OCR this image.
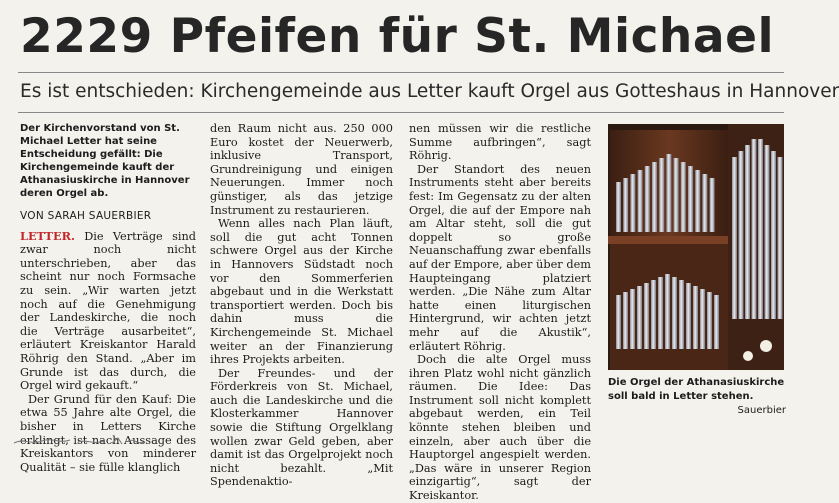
2229 Pfeifen für St. Michael
Es ist entschieden: Kirchengemeinde aus Letter kauft Orgel aus Gotteshaus in Hannover
Der Kirchenvorstand von St. Michael Letter hat seine Entscheidung gefällt: Die Kirchengemeinde kauft der Athanasiuskirche in Hannover deren Orgel ab.
VON SARAH SAUERBIER

LETTER. Die Verträge sind zwar noch nicht unterschrieben, aber das scheint nur noch Formsache zu sein. „Wir warten jetzt noch auf die Genehmigung der Landeskirche, die noch die Verträge ausarbeitet“, erläutert Kreiskantor Harald Röhrig den Stand. „Aber im Grunde ist das durch, die Orgel wird gekauft.“

Der Grund für den Kauf: Die etwa 55 Jahre alte Orgel, die bisher in Letters Kirche erklingt, ist nach Aussage des Kreiskantors von minderer Qualität – sie fülle klanglich

den Raum nicht aus. 250 000 Euro kostet der Neuerwerb, inklusive Transport, Grundreinigung und einigen Neuerungen. Immer noch günstiger, als das jetzige Instrument zu restaurieren.

Wenn alles nach Plan läuft, soll die gut acht Tonnen schwere Orgel aus der Kirche in Hannovers Südstadt noch vor den Sommerferien abgebaut und in die Werkstatt transportiert werden. Doch bis dahin muss die Kirchengemeinde St. Michael weiter an der Finanzierung ihres Projekts arbeiten.

Der Freundes- und der Förderkreis von St. Michael, auch die Landeskirche und die Klosterkammer Hannover sowie die Stiftung Orgelklang wollen zwar Geld geben, aber damit ist das Orgelprojekt noch nicht bezahlt. „Mit Spendenaktio-

nen müssen wir die restliche Summe aufbringen“, sagt Röhrig.

Der Standort des neuen Instruments steht aber bereits fest: Im Gegensatz zu der alten Orgel, die auf der Empore nah am Altar steht, soll die gut doppelt so große Neuanschaffung zwar ebenfalls auf der Empore, aber über dem Haupteingang platziert werden. „Die Nähe zum Altar hatte einen liturgischen Hintergrund, wir achten jetzt mehr auf die Akustik“, erläutert Röhrig.

Doch die alte Orgel muss ihren Platz wohl nicht gänzlich räumen. Die Idee: Das Instrument soll nicht komplett abgebaut werden, ein Teil könnte stehen bleiben und einzeln, aber auch über die Hauptorgel angespielt werden. „Das wäre in unserer Region einzigartig“, sagt der Kreiskantor.

Die Orgel der Athanasiuskirche soll bald in Letter stehen.
Sauerbier
